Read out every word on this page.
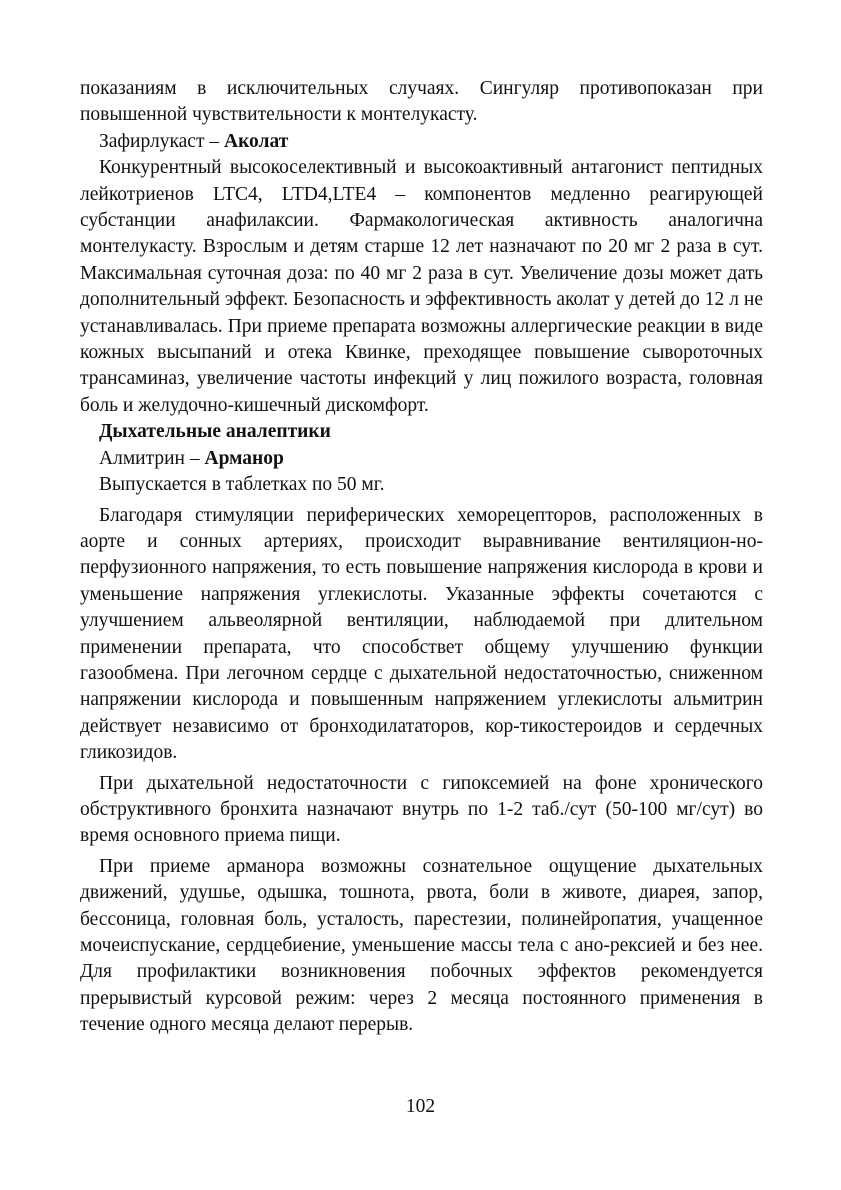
показаниям в исключительных случаях. Сингуляр противопоказан при повышенной чувствительности к монтелукасту.

Зафирлукаст – Аколат

Конкурентный высокоселективный и высокоактивный антагонист пептидных лейкотриенов LTC4, LTD4,LTE4 – компонентов медленно реагирующей субстанции анафилаксии. Фармакологическая активность аналогична монтелукасту. Взрослым и детям старше 12 лет назначают по 20 мг 2 раза в сут. Максимальная суточная доза: по 40 мг 2 раза в сут. Увеличение дозы может дать дополнительный эффект. Безопасность и эффективность аколат у детей до 12 л не устанавливалась. При приеме препарата возможны аллергические реакции в виде кожных высыпаний и отека Квинке, преходящее повышение сывороточных трансаминаз, увеличение частоты инфекций у лиц пожилого возраста, головная боль и желудочно-кишечный дискомфорт.

Дыхательные аналептики

Алмитрин – Арманор

Выпускается в таблетках по 50 мг.

Благодаря стимуляции периферических хеморецепторов, расположенных в аорте и сонных артериях, происходит выравнивание вентиляцион-но-перфузионного напряжения, то есть повышение напряжения кислорода в крови и уменьшение напряжения углекислоты. Указанные эффекты сочетаются с улучшением альвеолярной вентиляции, наблюдаемой при длительном применении препарата, что способствет общему улучшению функции газообмена. При легочном сердце с дыхательной недостаточностью, сниженном напряжении кислорода и повышенным напряжением углекислоты альмитрин действует независимо от бронходилататоров, кор-тикостероидов и сердечных гликозидов.

При дыхательной недостаточности с гипоксемией на фоне хронического обструктивного бронхита назначают внутрь по 1-2 таб./сут (50-100 мг/сут) во время основного приема пищи.

При приеме арманора возможны сознательное ощущение дыхательных движений, удушье, одышка, тошнота, рвота, боли в животе, диарея, запор, бессоница, головная боль, усталость, парестезии, полинейропатия, учащенное мочеиспускание, сердцебиение, уменьшение массы тела с ано-рексией и без нее. Для профилактики возникновения побочных эффектов рекомендуется прерывистый курсовой режим: через 2 месяца постоянного применения в течение одного месяца делают перерыв.

102
